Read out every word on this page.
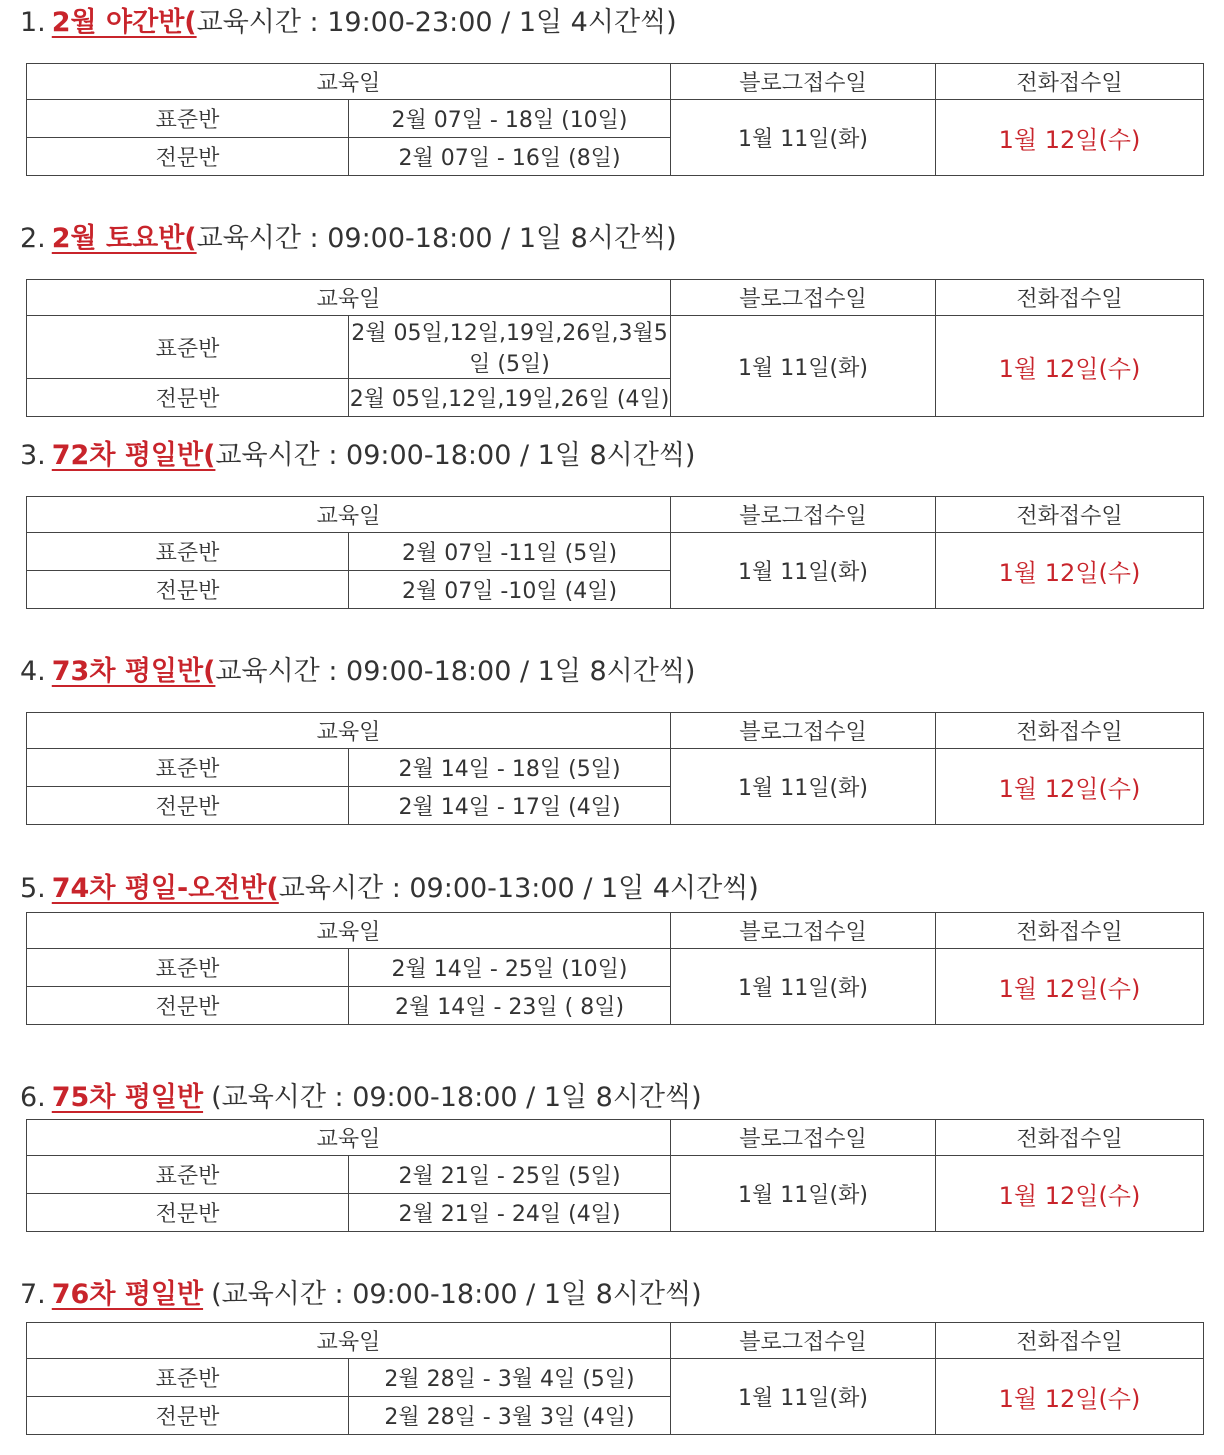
1. 2월 야간반(교육시간 : 19:00-23:00 / 1일 4시간씩)
교육일		블로그접수일	전화접수일
표준반	2월 07일 - 18일 (10일)	1월 11일(화)	1월 12일(수)
전문반	2월 07일 - 16일 (8일)		
2. 2월 토요반(교육시간 : 09:00-18:00 / 1일 8시간씩)
교육일		블로그접수일	전화접수일
표준반	2월 05일,12일,19일,26일,3월5일 (5일)	1월 11일(화)	1월 12일(수)
전문반	2월 05일,12일,19일,26일 (4일)		
3. 72차 평일반(교육시간 : 09:00-18:00 / 1일 8시간씩)
교육일		블로그접수일	전화접수일
표준반	2월 07일 -11일 (5일)	1월 11일(화)	1월 12일(수)
전문반	2월 07일 -10일 (4일)		
4. 73차 평일반(교육시간 : 09:00-18:00 / 1일 8시간씩)
교육일		블로그접수일	전화접수일
표준반	2월 14일 - 18일 (5일)	1월 11일(화)	1월 12일(수)
전문반	2월 14일 - 17일 (4일)		
5. 74차 평일-오전반(교육시간 : 09:00-13:00 / 1일 4시간씩)
교육일		블로그접수일	전화접수일
표준반	2월 14일 - 25일 (10일)	1월 11일(화)	1월 12일(수)
전문반	2월 14일 - 23일 ( 8일)		
6. 75차 평일반 (교육시간 : 09:00-18:00 / 1일 8시간씩)
교육일		블로그접수일	전화접수일
표준반	2월 21일 - 25일 (5일)	1월 11일(화)	1월 12일(수)
전문반	2월 21일 - 24일 (4일)		
7. 76차 평일반 (교육시간 : 09:00-18:00 / 1일 8시간씩)
교육일		블로그접수일	전화접수일
표준반	2월 28일 - 3월 4일 (5일)	1월 11일(화)	1월 12일(수)
전문반	2월 28일 - 3월 3일 (4일)		
